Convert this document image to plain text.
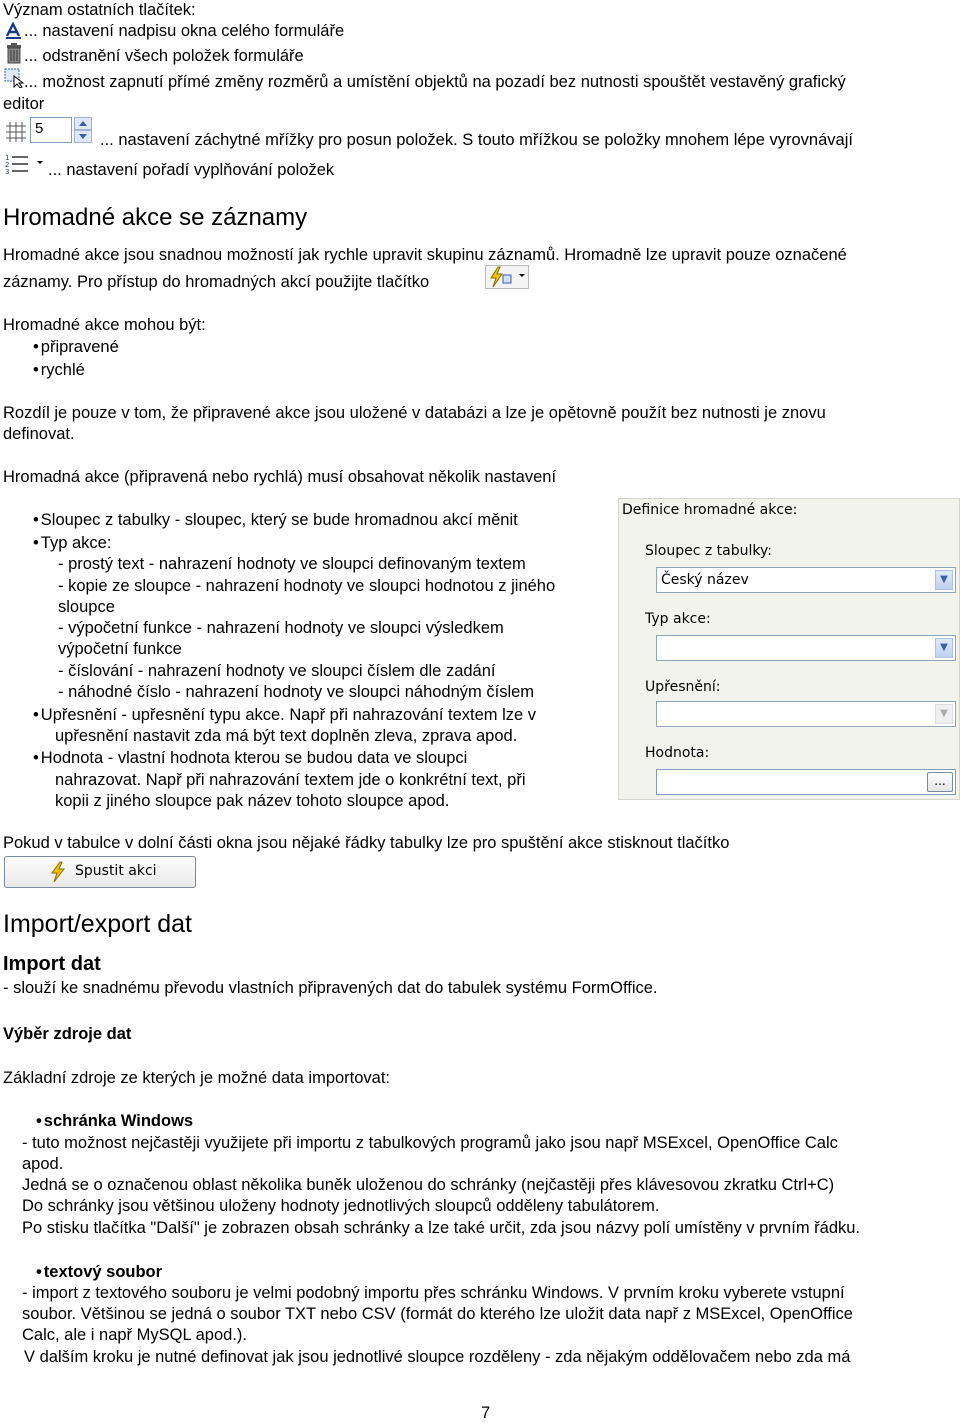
Význam ostatních tlačítek:
... nastavení nadpisu okna celého formuláře
... odstranění všech položek formuláře
... možnost zapnutí přímé změny rozměrů a umístění objektů na pozadí bez nutnosti spouštět vestavěný grafický
editor
5
... nastavení záchytné mřížky pro posun položek. S touto mřížkou se položky mnohem lépe vyrovnávají
1
2
3 ... nastavení pořadí vyplňování položek
Hromadné akce se záznamy
Hromadné akce jsou snadnou možností jak rychle upravit skupinu záznamů. Hromadně lze upravit pouze označené
záznamy. Pro přístup do hromadných akcí použijte tlačítko
Hromadné akce mohou být:
• připravené
• rychlé
Rozdíl je pouze v tom, že připravené akce jsou uložené v databázi a lze je opětovně použít bez nutnosti je znovu
definovat.
Hromadná akce (připravená nebo rychlá) musí obsahovat několik nastavení
• Sloupec z tabulky - sloupec, který se bude hromadnou akcí měnit
• Typ akce:
- prostý text - nahrazení hodnoty ve sloupci definovaným textem
- kopie ze sloupce - nahrazení hodnoty ve sloupci hodnotou z jiného
sloupce
- výpočetní funkce - nahrazení hodnoty ve sloupci výsledkem
výpočetní funkce
- číslování - nahrazení hodnoty ve sloupci číslem dle zadání
- náhodné číslo - nahrazení hodnoty ve sloupci náhodným číslem
• Upřesnění - upřesnění typu akce. Např při nahrazování textem lze v
upřesnění nastavit zda má být text doplněn zleva, zprava apod.
• Hodnota - vlastní hodnota kterou se budou data ve sloupci
nahrazovat. Např při nahrazování textem jde o konkrétní text, při
kopii z jiného sloupce pak název tohoto sloupce apod.
Definice hromadné akce:
Sloupec z tabulky:
Český název	▼
Typ akce:
▼
Upřesnění:
▼
Hodnota:
...
Pokud v tabulce v dolní části okna jsou nějaké řádky tabulky lze pro spuštění akce stisknout tlačítko
Spustit akci
Import/export dat
Import dat
- slouží ke snadnému převodu vlastních připravených dat do tabulek systému FormOffice.
Výběr zdroje dat
Základní zdroje ze kterých je možné data importovat:
• schránka Windows
- tuto možnost nejčastěji využijete při importu z tabulkových programů jako jsou např MSExcel, OpenOffice Calc
apod.
Jedná se o označenou oblast několika buněk uloženou do schránky (nejčastěji přes klávesovou zkratku Ctrl+C)
Do schránky jsou většinou uloženy hodnoty jednotlivých sloupců odděleny tabulátorem.
Po stisku tlačítka "Další" je zobrazen obsah schránky a lze také určit, zda jsou názvy polí umístěny v prvním řádku.
• textový soubor
- import z textového souboru je velmi podobný importu přes schránku Windows. V prvním kroku vyberete vstupní
soubor. Většinou se jedná o soubor TXT nebo CSV (formát do kterého lze uložit data např z MSExcel, OpenOffice
Calc, ale i např MySQL apod.).
V dalším kroku je nutné definovat jak jsou jednotlivé sloupce rozděleny - zda nějakým oddělovačem nebo zda má
7
